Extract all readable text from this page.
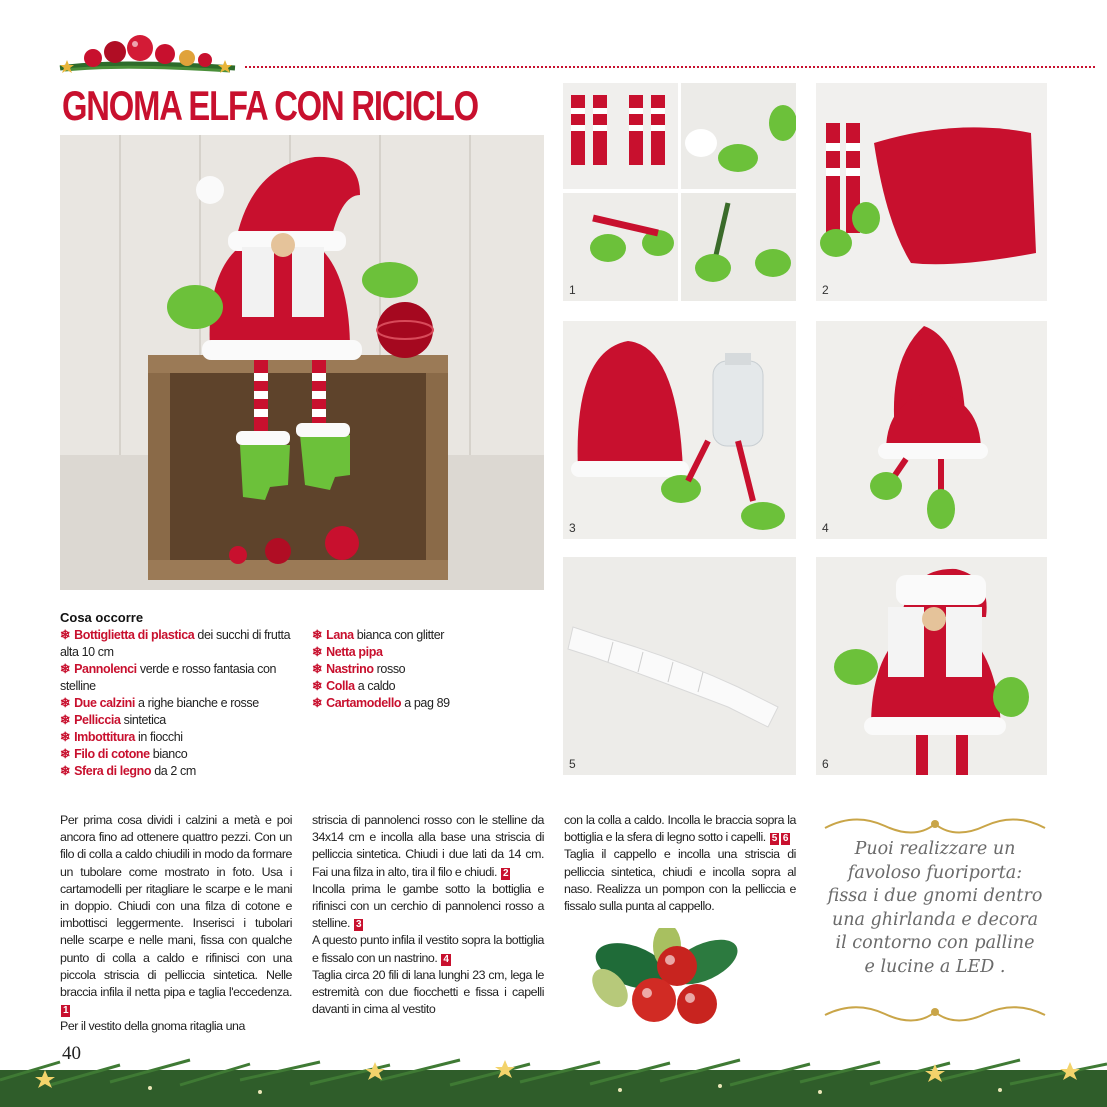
GNOMA ELFA CON RICICLO
1	2
3	4
5	6
Cosa occorre
❄ Bottiglietta di plastica dei succhi di frutta alta 10 cm
❄ Pannolenci verde e rosso fantasia con stelline
❄ Due calzini a righe bianche e rosse
❄ Pelliccia sintetica
❄ Imbottitura in fiocchi
❄ Filo di cotone bianco
❄ Sfera di legno da 2 cm
❄ Lana bianca con glitter
❄ Netta pipa
❄ Nastrino rosso
❄ Colla a caldo
❄ Cartamodello a pag 89

Per prima cosa dividi i calzini a metà e poi ancora fino ad ottenere quattro pezzi. Con un filo di colla a caldo chiudili in modo da formare un tubolare come mostrato in foto. Usa i cartamodelli per ritagliare le scarpe e le mani in doppio. Chiudi con una filza di cotone e imbottisci leggermente. Inserisci i tubolari nelle scarpe e nelle mani, fissa con qualche punto di colla a caldo e rifinisci con una piccola striscia di pelliccia sintetica. Nelle braccia infila il netta pipa e taglia l'eccedenza. 1

Per il vestito della gnoma ritaglia una

striscia di pannolenci rosso con le stelline da 34x14 cm e incolla alla base una striscia di pelliccia sintetica. Chiudi i due lati da 14 cm. Fai una filza in alto, tira il filo e chiudi. 2

Incolla prima le gambe sotto la bottiglia e rifinisci con un cerchio di pannolenci rosso a stelline. 3

A questo punto infila il vestito sopra la bottiglia e fissalo con un nastrino. 4

Taglia circa 20 fili di lana lunghi 23 cm, lega le estremità con due fiocchetti e fissa i capelli davanti in cima al vestito

con la colla a caldo. Incolla le braccia sopra la bottiglia e la sfera di legno sotto i capelli. 5 6

Taglia il cappello e incolla una striscia di pelliccia sintetica, chiudi e incolla sopra al naso. Realizza un pompon con la pelliccia e fissalo sulla punta al cappello.

Puoi realizzare un
favoloso fuoriporta:
fissa i due gnomi dentro
una ghirlanda e decora
il contorno con palline
e lucine a LED .
40
